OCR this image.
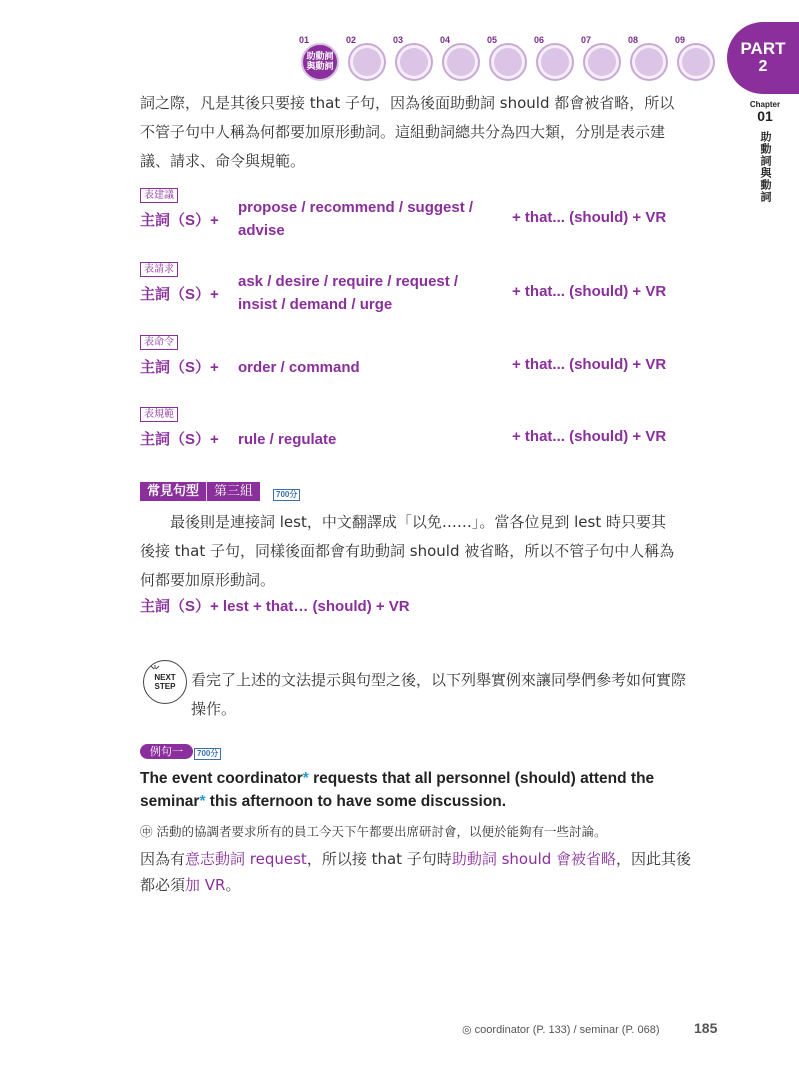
01
助動詞
與動詞
02	03	04	05	06	07	08	09	PART
2
Chapter
01
助動詞與動詞
詞之際，凡是其後只要接 that 子句，因為後面助動詞 should 都會被省略，所以
不管子句中人稱為何都要加原形動詞。這組動詞總共分為四大類，分別是表示建
議、請求、命令與規範。
表建議
主詞（S）+
propose / recommend / suggest /
advise
+ that... (should) + VR
表請求
主詞（S）+
ask / desire / require / request /
insist / demand / urge
+ that... (should) + VR
表命令
主詞（S）+ order / command	+ that... (should) + VR
表規範
主詞（S）+ rule / regulate	+ that... (should) + VR
常見句型	第三組	700分
　　最後則是連接詞 lest，中文翻譯成「以免……」。當各位見到 lest 時只要其
後接 that 子句，同樣後面都會有助動詞 should 被省略，所以不管子句中人稱為
何都要加原形動詞。
主詞（S）+ lest + that… (should) + VR
NEXT
STEP	看完了上述的文法提示與句型之後，以下列舉實例來讓同學們參考如何實際
操作。
例句一	700分
The event coordinator* requests that all personnel (should) attend the
seminar* this afternoon to have some discussion.
㊥ 活動的協調者要求所有的員工今天下午都要出席研討會，以便於能夠有一些討論。
因為有意志動詞 request，所以接 that 子句時助動詞 should 會被省略，因此其後
都必須加 VR。
◎ coordinator (P. 133) / seminar (P. 068) 185
